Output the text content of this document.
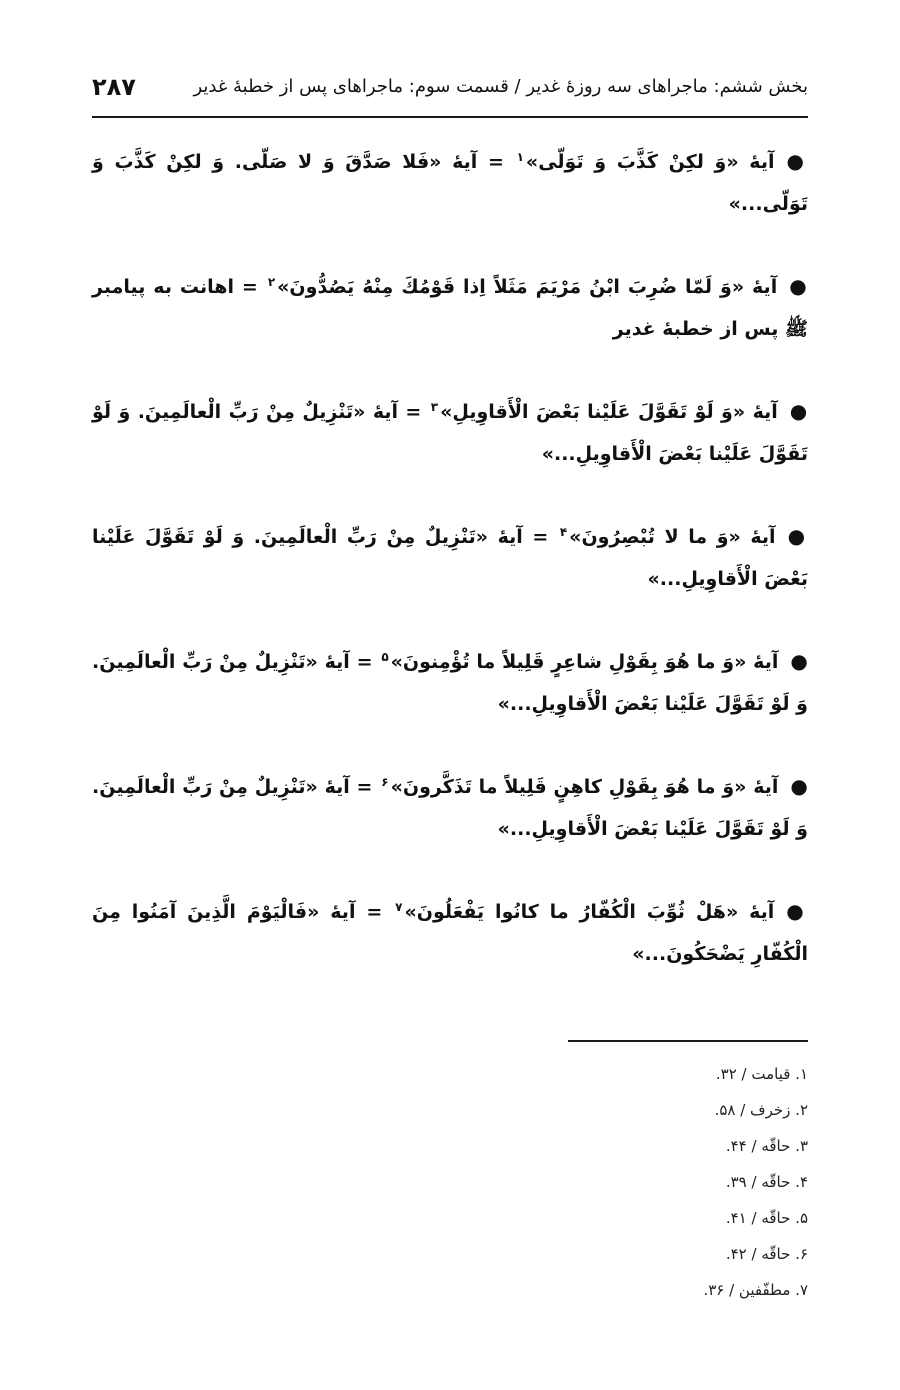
بخش ششم: ماجراهای سه روزهٔ غدیر / قسمت سوم: ماجراهای پس از خطبهٔ غدیر
۲۸۷

●آيهٔ «وَ لكِنْ كَذَّبَ وَ تَوَلّى»$^۱$ = آيهٔ «فَلا صَدَّقَ وَ لا صَلّى. وَ لكِنْ كَذَّبَ وَ تَوَلّى...»

●آيهٔ «وَ لَمّا ضُرِبَ ابْنُ مَرْيَمَ مَثَلاً اِذا قَوْمُكَ مِنْهُ يَصُدُّونَ»$^۲$ = اهانت به پيامبر ﷺ پس از خطبهٔ غدير

●آيهٔ «وَ لَوْ تَقَوَّلَ عَلَيْنا بَعْضَ الْأَقاوِيلِ»$^۳$ = آيهٔ «تَنْزِيلٌ مِنْ رَبِّ الْعالَمِينَ. وَ لَوْ تَقَوَّلَ عَلَيْنا بَعْضَ الْأَقاوِيلِ...»

●آيهٔ «وَ ما لا تُبْصِرُونَ»$^۴$ = آيهٔ «تَنْزِيلٌ مِنْ رَبِّ الْعالَمِينَ. وَ لَوْ تَقَوَّلَ عَلَيْنا بَعْضَ الْأَقاوِيلِ...»

●آيهٔ «وَ ما هُوَ بِقَوْلِ شاعِرٍ قَلِيلاً ما تُؤْمِنونَ»$^۵$ = آيهٔ «تَنْزِيلٌ مِنْ رَبِّ الْعالَمِينَ. وَ لَوْ تَقَوَّلَ عَلَيْنا بَعْضَ الْأَقاوِيلِ...»

●آيهٔ «وَ ما هُوَ بِقَوْلِ كاهِنٍ قَلِيلاً ما تَذَكَّرونَ»$^۶$ = آيهٔ «تَنْزِيلٌ مِنْ رَبِّ الْعالَمِينَ. وَ لَوْ تَقَوَّلَ عَلَيْنا بَعْضَ الْأَقاوِيلِ...»

●آيهٔ «هَلْ ثُوِّبَ الْكُفّارُ ما كانُوا يَفْعَلُونَ»$^۷$ = آيهٔ «فَالْيَوْمَ الَّذِينَ آمَنُوا مِنَ الْكُفّارِ يَضْحَكُونَ...»

۱. قيامت / ۳۲.
۲. زخرف / ۵۸.
۳. حاقّه / ۴۴.
۴. حاقّه / ۳۹.
۵. حاقّه / ۴۱.
۶. حاقّه / ۴۲.
۷. مطفّفين / ۳۶.
